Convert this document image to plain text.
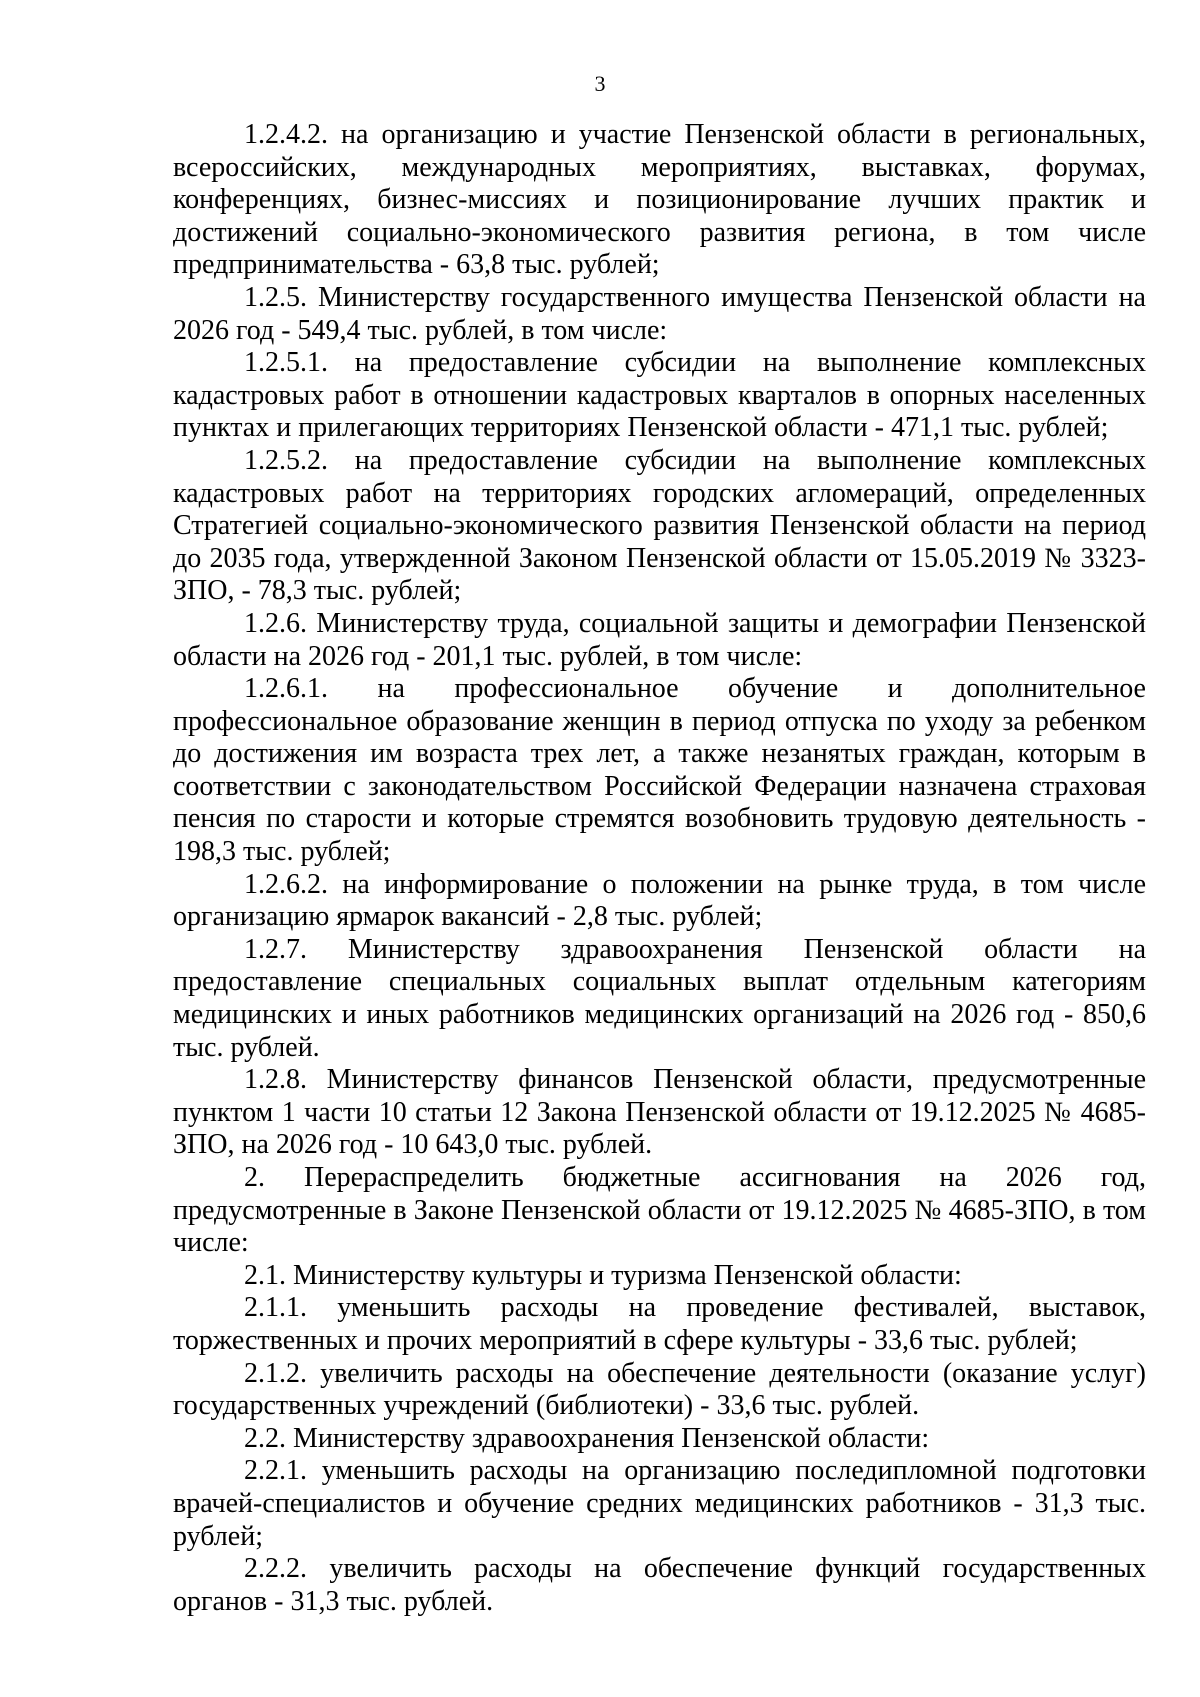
3

1.2.4.2. на организацию и участие Пензенской области в региональных, всероссийских, международных мероприятиях, выставках, форумах, конференциях, бизнес-миссиях и позиционирование лучших практик и достижений социально-экономического развития региона, в том числе предпринимательства - 63,8 тыс. рублей;

1.2.5. Министерству государственного имущества Пензенской области на 2026 год - 549,4 тыс. рублей, в том числе:

1.2.5.1. на предоставление субсидии на выполнение комплексных кадастровых работ в отношении кадастровых кварталов в опорных населенных пунктах и прилегающих территориях Пензенской области - 471,1 тыс. рублей;

1.2.5.2. на предоставление субсидии на выполнение комплексных кадастровых работ на территориях городских агломераций, определенных Стратегией социально-экономического развития Пензенской области на период до 2035 года, утвержденной Законом Пензенской области от 15.05.2019 № 3323-ЗПО, - 78,3 тыс. рублей;

1.2.6. Министерству труда, социальной защиты и демографии Пензенской области на 2026 год - 201,1 тыс. рублей, в том числе:

1.2.6.1. на профессиональное обучение и дополнительное профессиональное образование женщин в период отпуска по уходу за ребенком до достижения им возраста трех лет, а также незанятых граждан, которым в соответствии с законодательством Российской Федерации назначена страховая пенсия по старости и которые стремятся возобновить трудовую деятельность - 198,3 тыс. рублей;

1.2.6.2. на информирование о положении на рынке труда, в том числе организацию ярмарок вакансий - 2,8 тыс. рублей;

1.2.7. Министерству здравоохранения Пензенской области на предоставление специальных социальных выплат отдельным категориям медицинских и иных работников медицинских организаций на 2026 год - 850,6 тыс. рублей.

1.2.8. Министерству финансов Пензенской области, предусмотренные пунктом 1 части 10 статьи 12 Закона Пензенской области от 19.12.2025 № 4685-ЗПО, на 2026 год - 10 643,0 тыс. рублей.

2. Перераспределить бюджетные ассигнования на 2026 год, предусмотренные в Законе Пензенской области от 19.12.2025 № 4685-ЗПО, в том числе:

2.1. Министерству культуры и туризма Пензенской области:

2.1.1. уменьшить расходы на проведение фестивалей, выставок, торжественных и прочих мероприятий в сфере культуры - 33,6 тыс. рублей;

2.1.2. увеличить расходы на обеспечение деятельности (оказание услуг) государственных учреждений (библиотеки) - 33,6 тыс. рублей.

2.2. Министерству здравоохранения Пензенской области:

2.2.1. уменьшить расходы на организацию последипломной подготовки врачей-специалистов и обучение средних медицинских работников - 31,3 тыс. рублей;

2.2.2. увеличить расходы на обеспечение функций государственных органов - 31,3 тыс. рублей.
